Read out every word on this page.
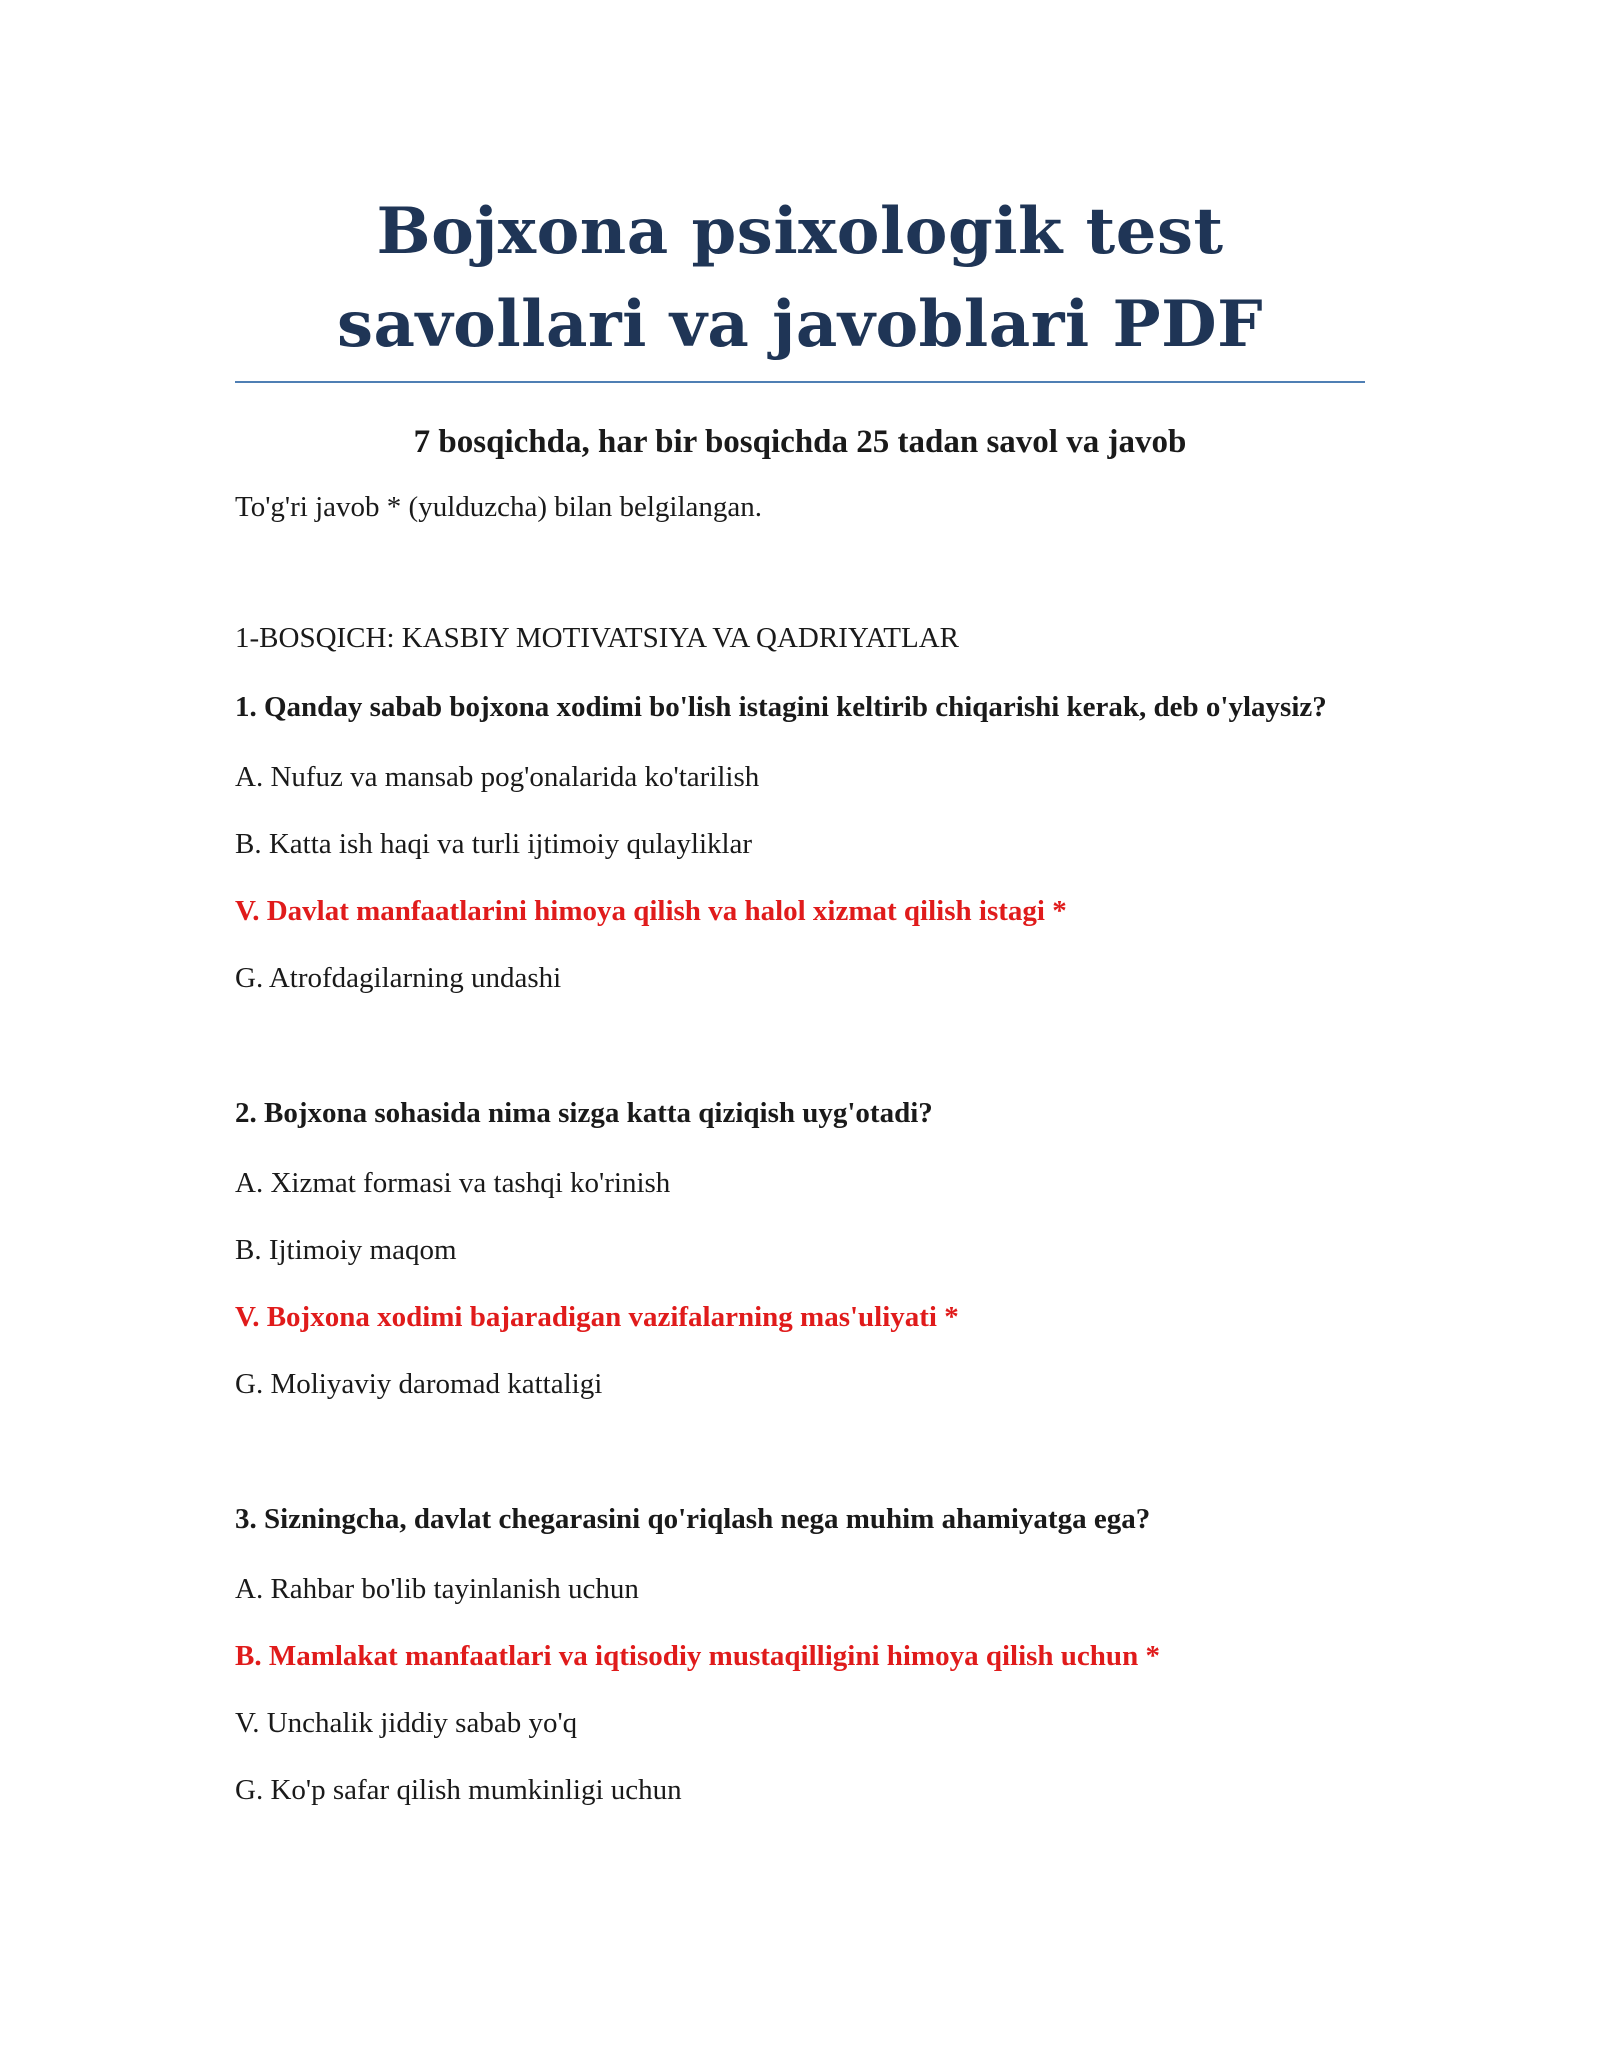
Bojxona psixologik test
savollari va javoblari PDF

7 bosqichda, har bir bosqichda 25 tadan savol va javob

To'g'ri javob * (yulduzcha) bilan belgilangan.

1-BOSQICH: KASBIY MOTIVATSIYA VA QADRIYATLAR

1. Qanday sabab bojxona xodimi bo'lish istagini keltirib chiqarishi kerak, deb o'ylaysiz?

A. Nufuz va mansab pog'onalarida ko'tarilish

B. Katta ish haqi va turli ijtimoiy qulayliklar

V. Davlat manfaatlarini himoya qilish va halol xizmat qilish istagi *

G. Atrofdagilarning undashi

2. Bojxona sohasida nima sizga katta qiziqish uyg'otadi?

A. Xizmat formasi va tashqi ko'rinish

B. Ijtimoiy maqom

V. Bojxona xodimi bajaradigan vazifalarning mas'uliyati *

G. Moliyaviy daromad kattaligi

3. Sizningcha, davlat chegarasini qo'riqlash nega muhim ahamiyatga ega?

A. Rahbar bo'lib tayinlanish uchun

B. Mamlakat manfaatlari va iqtisodiy mustaqilligini himoya qilish uchun *

V. Unchalik jiddiy sabab yo'q

G. Ko'p safar qilish mumkinligi uchun
